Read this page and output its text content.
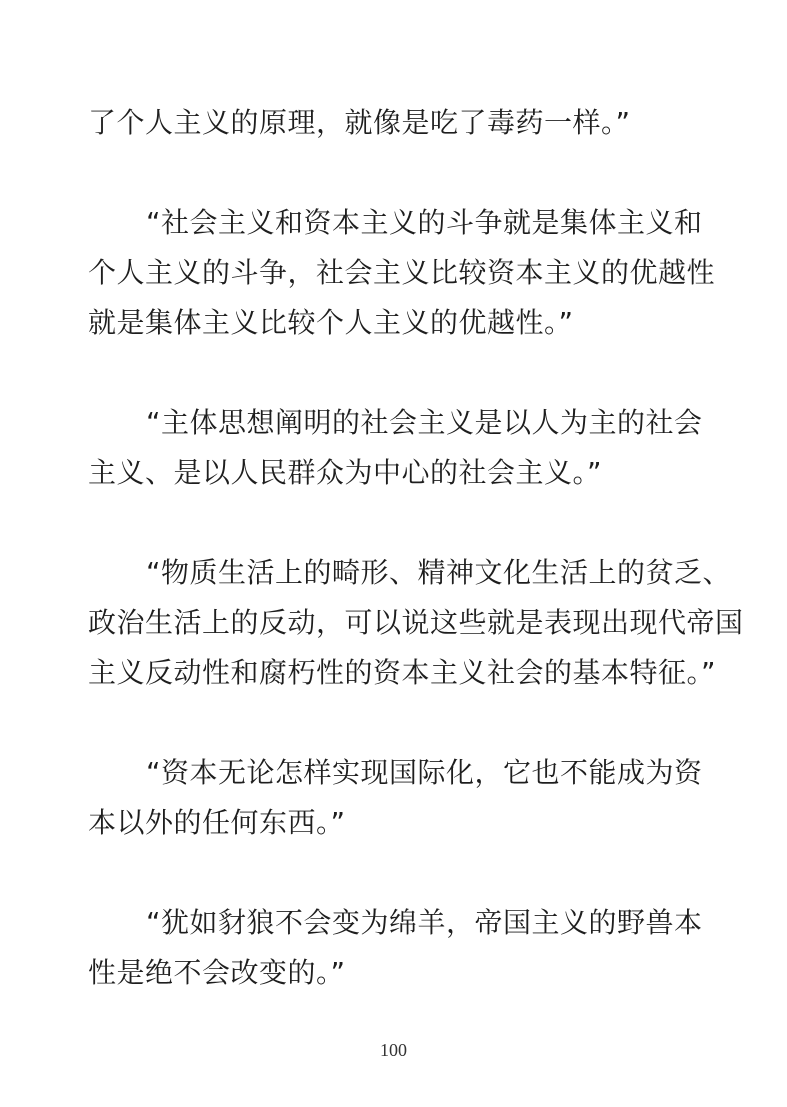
了个人主义的原理，就像是吃了毒药一样。”
“社会主义和资本主义的斗争就是集体主义和
个人主义的斗争，社会主义比较资本主义的优越性
就是集体主义比较个人主义的优越性。”
“主体思想阐明的社会主义是以人为主的社会
主义、是以人民群众为中心的社会主义。”
“物质生活上的畸形、精神文化生活上的贫乏、
政治生活上的反动，可以说这些就是表现出现代帝国
主义反动性和腐朽性的资本主义社会的基本特征。”
“资本无论怎样实现国际化，它也不能成为资
本以外的任何东西。”
“犹如豺狼不会变为绵羊，帝国主义的野兽本
性是绝不会改变的。”
100
